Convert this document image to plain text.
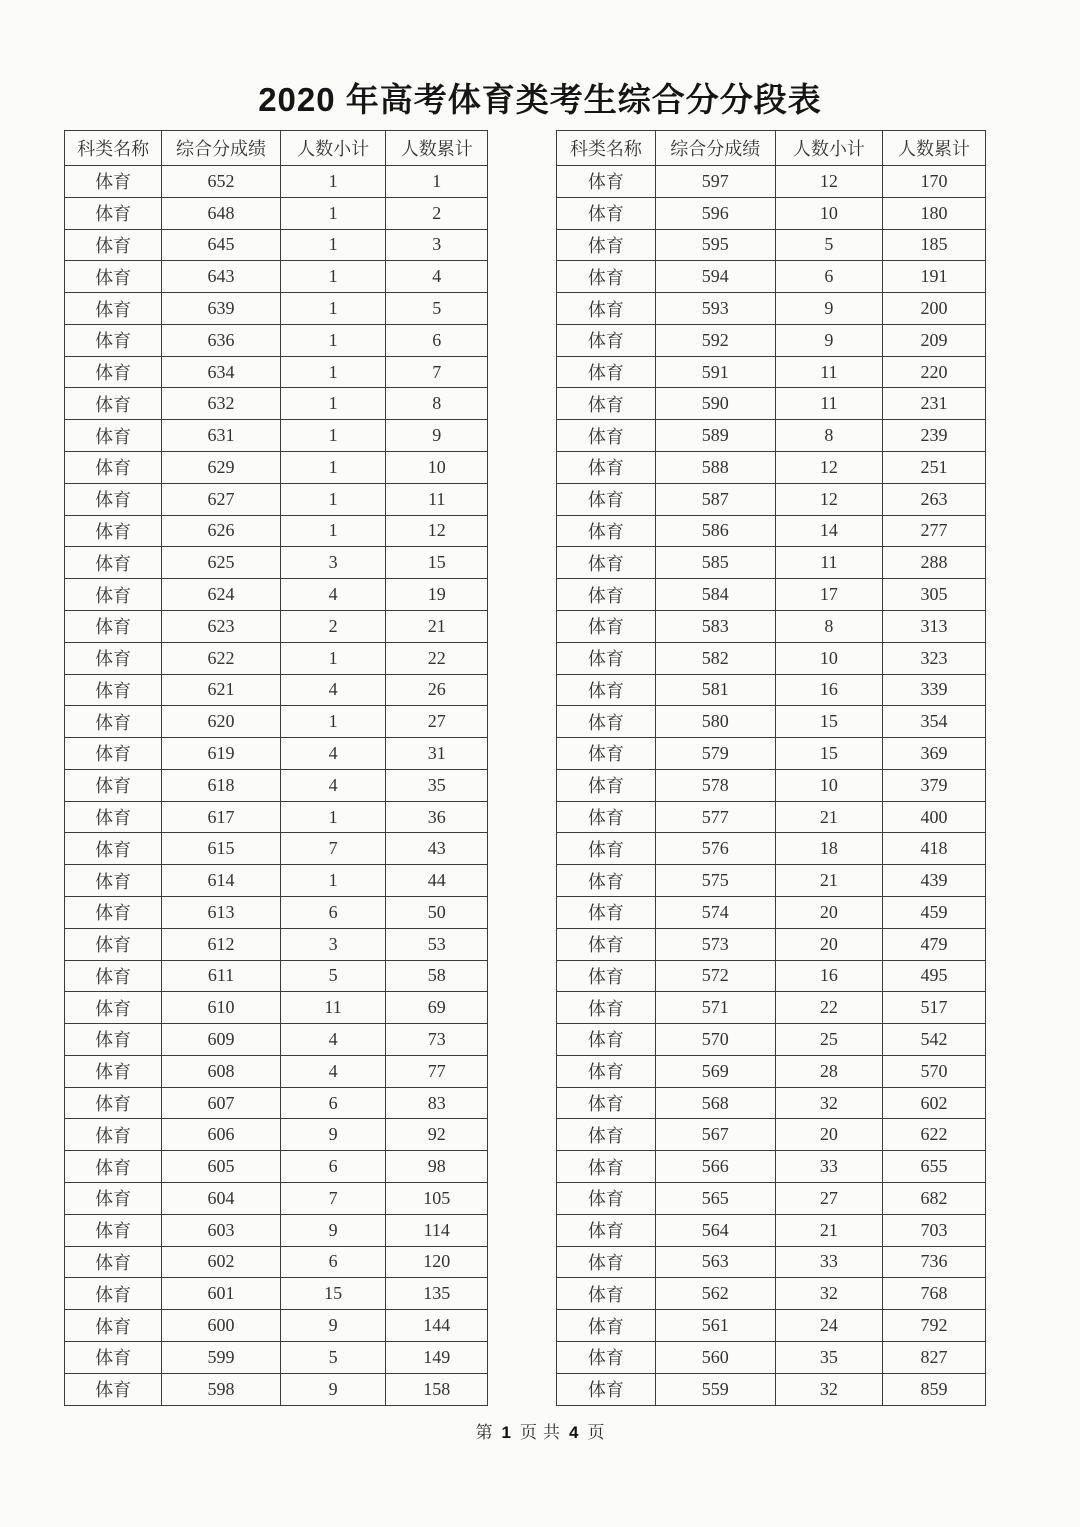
2020 年高考体育类考生综合分分段表
科类名称	综合分成绩	人数小计	人数累计
体育	652	1	1
体育	648	1	2
体育	645	1	3
体育	643	1	4
体育	639	1	5
体育	636	1	6
体育	634	1	7
体育	632	1	8
体育	631	1	9
体育	629	1	10
体育	627	1	11
体育	626	1	12
体育	625	3	15
体育	624	4	19
体育	623	2	21
体育	622	1	22
体育	621	4	26
体育	620	1	27
体育	619	4	31
体育	618	4	35
体育	617	1	36
体育	615	7	43
体育	614	1	44
体育	613	6	50
体育	612	3	53
体育	611	5	58
体育	610	11	69
体育	609	4	73
体育	608	4	77
体育	607	6	83
体育	606	9	92
体育	605	6	98
体育	604	7	105
体育	603	9	114
体育	602	6	120
体育	601	15	135
体育	600	9	144
体育	599	5	149
体育	598	9	158
科类名称	综合分成绩	人数小计	人数累计
体育	597	12	170
体育	596	10	180
体育	595	5	185
体育	594	6	191
体育	593	9	200
体育	592	9	209
体育	591	11	220
体育	590	11	231
体育	589	8	239
体育	588	12	251
体育	587	12	263
体育	586	14	277
体育	585	11	288
体育	584	17	305
体育	583	8	313
体育	582	10	323
体育	581	16	339
体育	580	15	354
体育	579	15	369
体育	578	10	379
体育	577	21	400
体育	576	18	418
体育	575	21	439
体育	574	20	459
体育	573	20	479
体育	572	16	495
体育	571	22	517
体育	570	25	542
体育	569	28	570
体育	568	32	602
体育	567	20	622
体育	566	33	655
体育	565	27	682
体育	564	21	703
体育	563	33	736
体育	562	32	768
体育	561	24	792
体育	560	35	827
体育	559	32	859
第 1 页 共 4 页
